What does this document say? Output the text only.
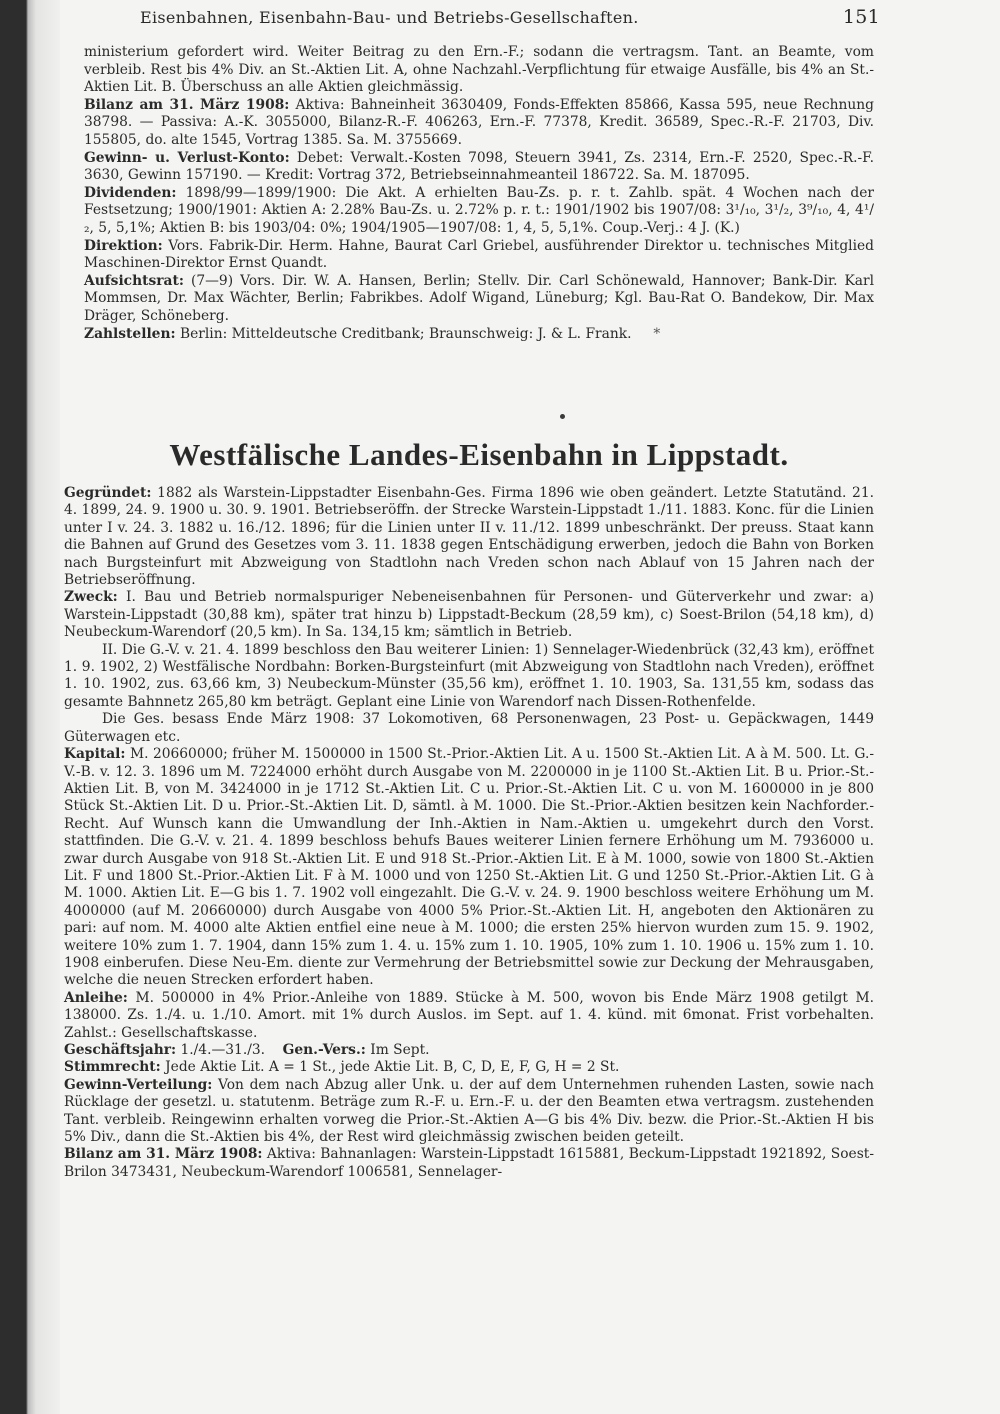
Eisenbahnen, Eisenbahn-Bau- und Betriebs-Gesellschaften.	151

ministerium gefordert wird. Weiter Beitrag zu den Ern.-F.; sodann die vertragsm. Tant. an Beamte, vom verbleib. Rest bis 4% Div. an St.-Aktien Lit. A, ohne Nachzahl.-Verpflichtung für etwaige Ausfälle, bis 4% an St.-Aktien Lit. B. Überschuss an alle Aktien gleichmässig.

Bilanz am 31. März 1908: Aktiva: Bahneinheit 3630409, Fonds-Effekten 85866, Kassa 595, neue Rechnung 38798. — Passiva: A.-K. 3055000, Bilanz-R.-F. 406263, Ern.-F. 77378, Kredit. 36589, Spec.-R.-F. 21703, Div. 155805, do. alte 1545, Vortrag 1385. Sa. M. 3755669.

Gewinn- u. Verlust-Konto: Debet: Verwalt.-Kosten 7098, Steuern 3941, Zs. 2314, Ern.-F. 2520, Spec.-R.-F. 3630, Gewinn 157190. — Kredit: Vortrag 372, Betriebseinnahmeanteil 186722. Sa. M. 187095.

Dividenden: 1898/99—1899/1900: Die Akt. A erhielten Bau-Zs. p. r. t. Zahlb. spät. 4 Wochen nach der Festsetzung; 1900/1901: Aktien A: 2.28% Bau-Zs. u. 2.72% p. r. t.: 1901/1902 bis 1907/08: 3¹/₁₀, 3¹/₂, 3⁹/₁₀, 4, 4¹/₂, 5, 5,1%; Aktien B: bis 1903/04: 0%; 1904/1905—1907/08: 1, 4, 5, 5,1%. Coup.-Verj.: 4 J. (K.)

Direktion: Vors. Fabrik-Dir. Herm. Hahne, Baurat Carl Griebel, ausführender Direktor u. technisches Mitglied Maschinen-Direktor Ernst Quandt.

Aufsichtsrat: (7—9) Vors. Dir. W. A. Hansen, Berlin; Stellv. Dir. Carl Schönewald, Hannover; Bank-Dir. Karl Mommsen, Dr. Max Wächter, Berlin; Fabrikbes. Adolf Wigand, Lüneburg; Kgl. Bau-Rat O. Bandekow, Dir. Max Dräger, Schöneberg.

Zahlstellen: Berlin: Mitteldeutsche Creditbank; Braunschweig: J. & L. Frank. *

Westfälische Landes-Eisenbahn in Lippstadt.

Gegründet: 1882 als Warstein-Lippstadter Eisenbahn-Ges. Firma 1896 wie oben geändert. Letzte Statutänd. 21. 4. 1899, 24. 9. 1900 u. 30. 9. 1901. Betriebseröffn. der Strecke Warstein-Lippstadt 1./11. 1883. Konc. für die Linien unter I v. 24. 3. 1882 u. 16./12. 1896; für die Linien unter II v. 11./12. 1899 unbeschränkt. Der preuss. Staat kann die Bahnen auf Grund des Gesetzes vom 3. 11. 1838 gegen Entschädigung erwerben, jedoch die Bahn von Borken nach Burgsteinfurt mit Abzweigung von Stadtlohn nach Vreden schon nach Ablauf von 15 Jahren nach der Betriebseröffnung.

Zweck: I. Bau und Betrieb normalspuriger Nebeneisenbahnen für Personen- und Güterverkehr und zwar: a) Warstein-Lippstadt (30,88 km), später trat hinzu b) Lippstadt-Beckum (28,59 km), c) Soest-Brilon (54,18 km), d) Neubeckum-Warendorf (20,5 km). In Sa. 134,15 km; sämtlich in Betrieb.

II. Die G.-V. v. 21. 4. 1899 beschloss den Bau weiterer Linien: 1) Sennelager-Wiedenbrück (32,43 km), eröffnet 1. 9. 1902, 2) Westfälische Nordbahn: Borken-Burgsteinfurt (mit Abzweigung von Stadtlohn nach Vreden), eröffnet 1. 10. 1902, zus. 63,66 km, 3) Neubeckum-Münster (35,56 km), eröffnet 1. 10. 1903, Sa. 131,55 km, sodass das gesamte Bahnnetz 265,80 km beträgt. Geplant eine Linie von Warendorf nach Dissen-Rothenfelde.

Die Ges. besass Ende März 1908: 37 Lokomotiven, 68 Personenwagen, 23 Post- u. Gepäckwagen, 1449 Güterwagen etc.

Kapital: M. 20660000; früher M. 1500000 in 1500 St.-Prior.-Aktien Lit. A u. 1500 St.-Aktien Lit. A à M. 500. Lt. G.-V.-B. v. 12. 3. 1896 um M. 7224000 erhöht durch Ausgabe von M. 2200000 in je 1100 St.-Aktien Lit. B u. Prior.-St.-Aktien Lit. B, von M. 3424000 in je 1712 St.-Aktien Lit. C u. Prior.-St.-Aktien Lit. C u. von M. 1600000 in je 800 Stück St.-Aktien Lit. D u. Prior.-St.-Aktien Lit. D, sämtl. à M. 1000. Die St.-Prior.-Aktien besitzen kein Nachforder.-Recht. Auf Wunsch kann die Umwandlung der Inh.-Aktien in Nam.-Aktien u. umgekehrt durch den Vorst. stattfinden. Die G.-V. v. 21. 4. 1899 beschloss behufs Baues weiterer Linien fernere Erhöhung um M. 7936000 u. zwar durch Ausgabe von 918 St.-Aktien Lit. E und 918 St.-Prior.-Aktien Lit. E à M. 1000, sowie von 1800 St.-Aktien Lit. F und 1800 St.-Prior.-Aktien Lit. F à M. 1000 und von 1250 St.-Aktien Lit. G und 1250 St.-Prior.-Aktien Lit. G à M. 1000. Aktien Lit. E—G bis 1. 7. 1902 voll eingezahlt. Die G.-V. v. 24. 9. 1900 beschloss weitere Erhöhung um M. 4000000 (auf M. 20660000) durch Ausgabe von 4000 5% Prior.-St.-Aktien Lit. H, angeboten den Aktionären zu pari: auf nom. M. 4000 alte Aktien entfiel eine neue à M. 1000; die ersten 25% hiervon wurden zum 15. 9. 1902, weitere 10% zum 1. 7. 1904, dann 15% zum 1. 4. u. 15% zum 1. 10. 1905, 10% zum 1. 10. 1906 u. 15% zum 1. 10. 1908 einberufen. Diese Neu-Em. diente zur Vermehrung der Betriebsmittel sowie zur Deckung der Mehrausgaben, welche die neuen Strecken erfordert haben.

Anleihe: M. 500000 in 4% Prior.-Anleihe von 1889. Stücke à M. 500, wovon bis Ende März 1908 getilgt M. 138000. Zs. 1./4. u. 1./10. Amort. mit 1% durch Auslos. im Sept. auf 1. 4. künd. mit 6monat. Frist vorbehalten. Zahlst.: Gesellschaftskasse.

Geschäftsjahr: 1./4.—31./3. Gen.-Vers.: Im Sept.

Stimmrecht: Jede Aktie Lit. A = 1 St., jede Aktie Lit. B, C, D, E, F, G, H = 2 St.

Gewinn-Verteilung: Von dem nach Abzug aller Unk. u. der auf dem Unternehmen ruhenden Lasten, sowie nach Rücklage der gesetzl. u. statutenm. Beträge zum R.-F. u. Ern.-F. u. der den Beamten etwa vertragsm. zustehenden Tant. verbleib. Reingewinn erhalten vorweg die Prior.-St.-Aktien A—G bis 4% Div. bezw. die Prior.-St.-Aktien H bis 5% Div., dann die St.-Aktien bis 4%, der Rest wird gleichmässig zwischen beiden geteilt.

Bilanz am 31. März 1908: Aktiva: Bahnanlagen: Warstein-Lippstadt 1615881, Beckum-Lippstadt 1921892, Soest-Brilon 3473431, Neubeckum-Warendorf 1006581, Sennelager-
